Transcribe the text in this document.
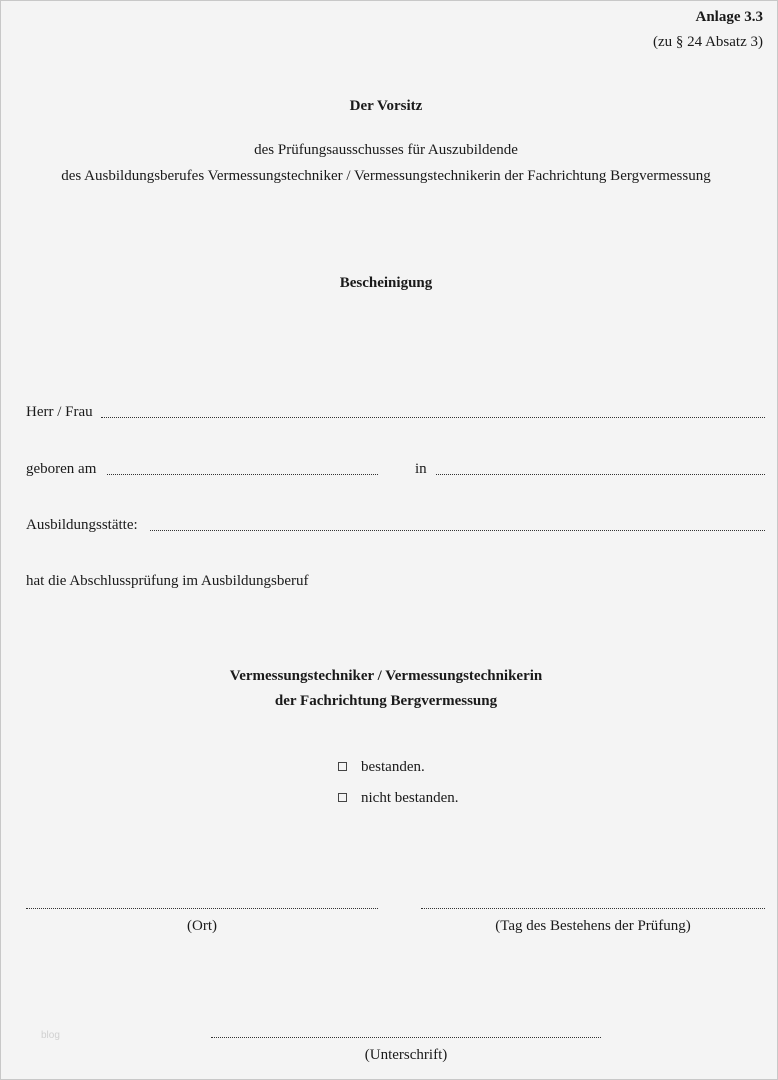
Anlage 3.3
(zu § 24 Absatz 3)
Der Vorsitz
des Prüfungsausschusses für Auszubildende
des Ausbildungsberufes Vermessungstechniker / Vermessungstechnikerin der Fachrichtung Bergvermessung
Bescheinigung
Herr / Frau
geboren am	in
Ausbildungsstätte:
hat die Abschlussprüfung im Ausbildungsberuf
Vermessungstechniker / Vermessungstechnikerin
der Fachrichtung Bergvermessung
bestanden.
nicht bestanden.
(Ort)	(Tag des Bestehens der Prüfung)
(Unterschrift)
blog
